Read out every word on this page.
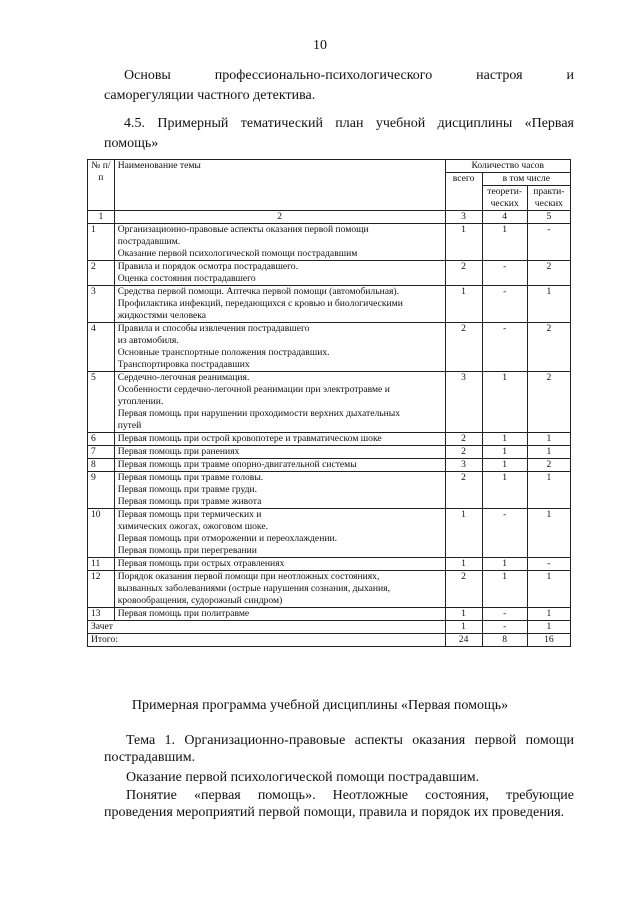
10
Основы	профессионально-психологического	настроя	и
саморегуляции частного детектива.
4.5. Примерный тематический план учебной дисциплины «Первая помощь»
№ п/п	Наименование темы	Количество часов		
		всего	в том числе	
			теорети-ческих	практи-ческих
1	2	3	4	5
1	Организационно-правовые аспекты оказания первой помощи
пострадавшим.
Оказание первой психологической помощи пострадавшим	1	1	-
2	Правила и порядок осмотра пострадавшего.
Оценка состояния пострадавшего	2	-	2
3	Средства первой помощи. Аптечка первой помощи (автомобильная).
Профилактика инфекций, передающихся с кровью и биологическими
жидкостями человека	1	-	1
4	Правила и способы извлечения пострадавшего
из автомобиля.
Основные транспортные положения пострадавших.
Транспортировка пострадавших	2	-	2
5	Сердечно-легочная реанимация.
Особенности сердечно-легочной реанимации при электротравме и
утоплении.
Первая помощь при нарушении проходимости верхних дыхательных
путей	3	1	2
6	Первая помощь при острой кровопотере и травматическом шоке	2	1	1
7	Первая помощь при ранениях	2	1	1
8	Первая помощь при травме опорно-двигательной системы	3	1	2
9	Первая помощь при травме головы.
Первая помощь при травме груди.
Первая помощь при травме живота	2	1	1
10	Первая помощь при термических и
химических ожогах, ожоговом шоке.
Первая помощь при отморожении и переохлаждении.
Первая помощь при перегревании	1	-	1
11	Первая помощь при острых отравлениях	1	1	-
12	Порядок оказания первой помощи при неотложных состояниях,
вызванных заболеваниями (острые нарушения сознания, дыхания,
кровообращения, судорожный синдром)	2	1	1
13	Первая помощь при политравме	1	-	1
Зачет		1	-	1
Итого:		24	8	16
Примерная программа учебной дисциплины «Первая помощь»
Тема 1. Организационно-правовые аспекты оказания первой помощи пострадавшим.
Оказание первой психологической помощи пострадавшим.
Понятие «первая помощь». Неотложные состояния, требующие проведения мероприятий первой помощи, правила и порядок их проведения.
